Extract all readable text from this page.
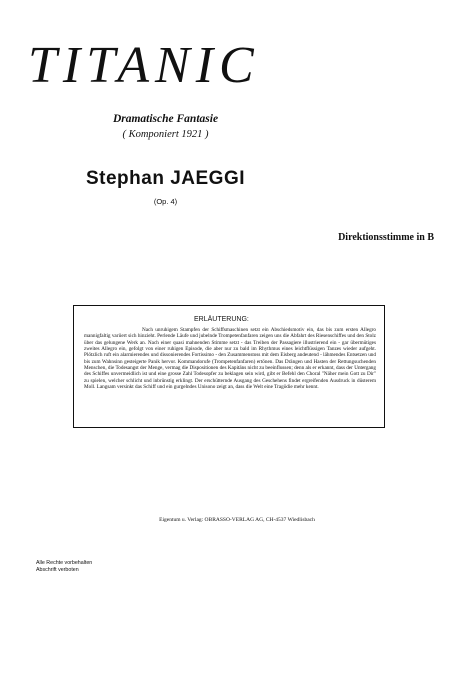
TITANIC
Dramatische Fantasie
( Komponiert 1921 )
Stephan JAEGGI
(Op. 4)
Direktionsstimme in B

ERLÄUTERUNG:

Nach unruhigem Stampfen der Schiffsmaschinen setzt ein Abschiedsmotiv ein, das bis zum ersten Allegro mannigfaltig variiert sich hinzieht. Perlende Läufe und jubelnde Trompetenfanfaren zeigen uns die Abfahrt des Riesenschiffes und den Stolz über das gelungene Werk an. Nach einer quasi mahnenden Stimme setzt - das Treiben der Passagiere illustrierend ein - gar übermütiges zweites Allegro ein, gefolgt von einer ruhigen Episode, die aber nur zu bald im Rhythmus eines leichtflüssigen Tanzes wieder aufgeht. Plötzlich ruft ein alarmierendes und dissonierendes Fortissimo - den Zusammenstoss mit dem Eisberg andeutend - lähmendes Entsetzen und bis zum Wahnsinn gesteigerte Panik hervor. Kommandorufe (Trompetenfanfaren) ertönen. Das Drängen und Hasten der Rettungsuchenden Menschen, die Todesangst der Menge, vermag die Dispositionen des Kapitäns nicht zu beeinflussen; denn als er erkannt, dass der Untergang des Schiffes unvermeidlich ist und eine grosse Zahl Todesopfer zu beklagen sein wird, gibt er Befehl den Choral "Näher mein Gott zu Dir" zu spielen, welcher schlicht und inbrünstig erklingt. Der erschütternde Ausgang des Geschehens findet ergreifenden Ausdruck in düsterem Moll. Langsam versinkt das Schiff und ein gurgelndes Unisono zeigt an, dass die Welt eine Tragödie mehr kennt.

Eigentum u. Verlag: OBRASSO-VERLAG AG, CH-4537 Wiedlisbach
Alle Rechte vorbehalten
Abschrift verboten
